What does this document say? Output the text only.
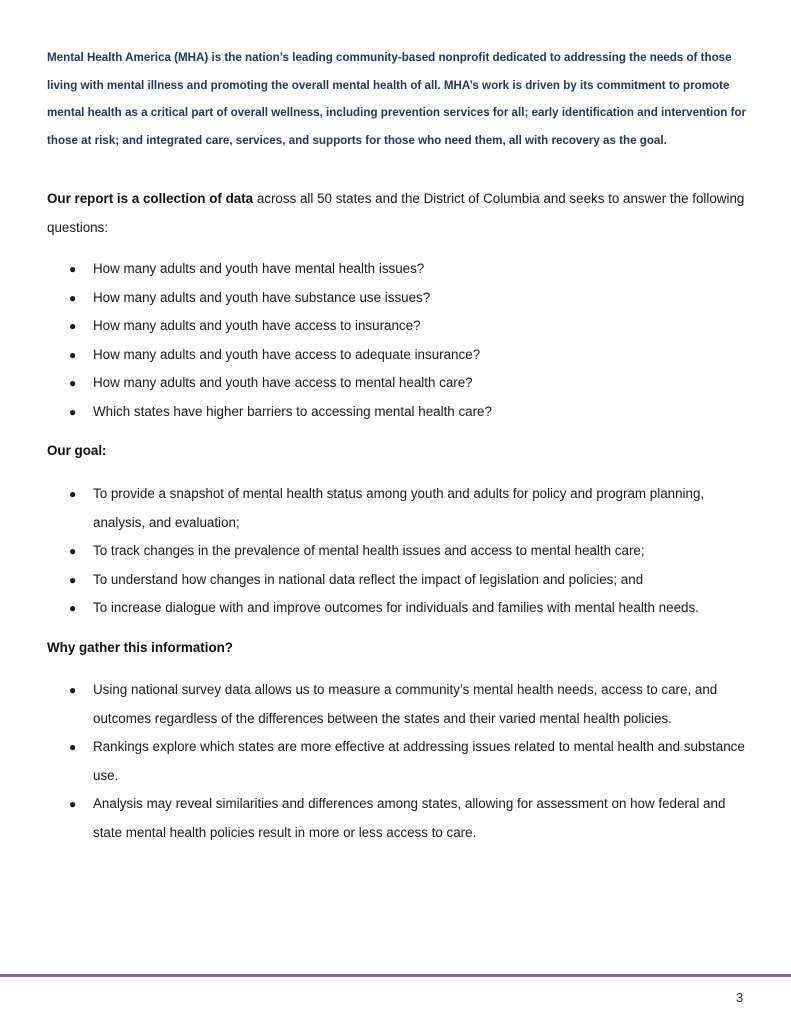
Mental Health America (MHA) is the nation’s leading community-based nonprofit dedicated to addressing the needs of those living with mental illness and promoting the overall mental health of all. MHA’s work is driven by its commitment to promote mental health as a critical part of overall wellness, including prevention services for all; early identification and intervention for those at risk; and integrated care, services, and supports for those who need them, all with recovery as the goal.

Our report is a collection of data across all 50 states and the District of Columbia and seeks to answer the following questions:

● How many adults and youth have mental health issues?
● How many adults and youth have substance use issues?
● How many adults and youth have access to insurance?
● How many adults and youth have access to adequate insurance?
● How many adults and youth have access to mental health care?
● Which states have higher barriers to accessing mental health care?
Our goal:
● To provide a snapshot of mental health status among youth and adults for policy and program planning, analysis, and evaluation;
● To track changes in the prevalence of mental health issues and access to mental health care;
● To understand how changes in national data reflect the impact of legislation and policies; and
● To increase dialogue with and improve outcomes for individuals and families with mental health needs.
Why gather this information?
● Using national survey data allows us to measure a community’s mental health needs, access to care, and outcomes regardless of the differences between the states and their varied mental health policies.
● Rankings explore which states are more effective at addressing issues related to mental health and substance use.
● Analysis may reveal similarities and differences among states, allowing for assessment on how federal and state mental health policies result in more or less access to care.
3
